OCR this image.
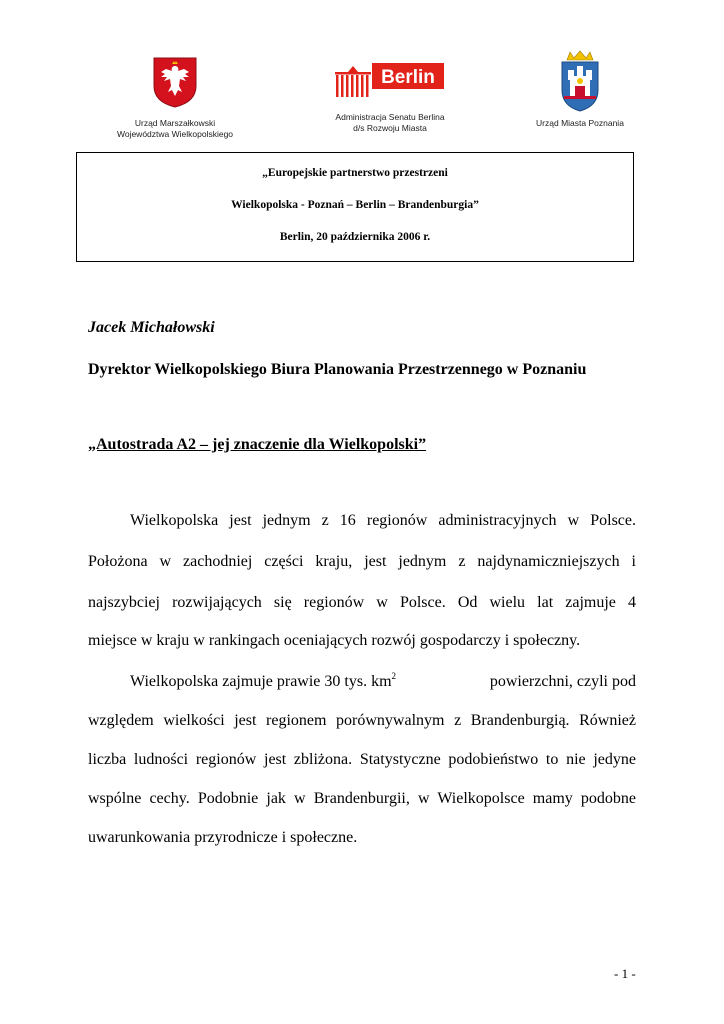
Urząd Marszałkowski
Województwa Wielkopolskiego
Berlin
Administracja Senatu Berlina
d/s Rozwoju Miasta	Urząd Miasta Poznania
„Europejskie partnerstwo przestrzeni
Wielkopolska - Poznań – Berlin – Brandenburgia”
Berlin, 20 października 2006 r.
Jacek Michałowski
Dyrektor Wielkopolskiego Biura Planowania Przestrzennego w Poznaniu
„Autostrada A2 – jej znaczenie dla Wielkopolski”
Wielkopolska jest jednym z 16 regionów administracyjnych w Polsce.
Położona w zachodniej części kraju, jest jednym z najdynamiczniejszych i
najszybciej rozwijających się regionów w Polsce. Od wielu lat zajmuje 4
miejsce w kraju w rankingach oceniających rozwój gospodarczy i społeczny.
Wielkopolska zajmuje prawie 30 tys. $km^2$	powierzchni, czyli pod
względem wielkości jest regionem porównywalnym z Brandenburgią. Również
liczba ludności regionów jest zbliżona. Statystyczne podobieństwo to nie jedyne
wspólne cechy. Podobnie jak w Brandenburgii, w Wielkopolsce mamy podobne
uwarunkowania przyrodnicze i społeczne.
- 1 -
